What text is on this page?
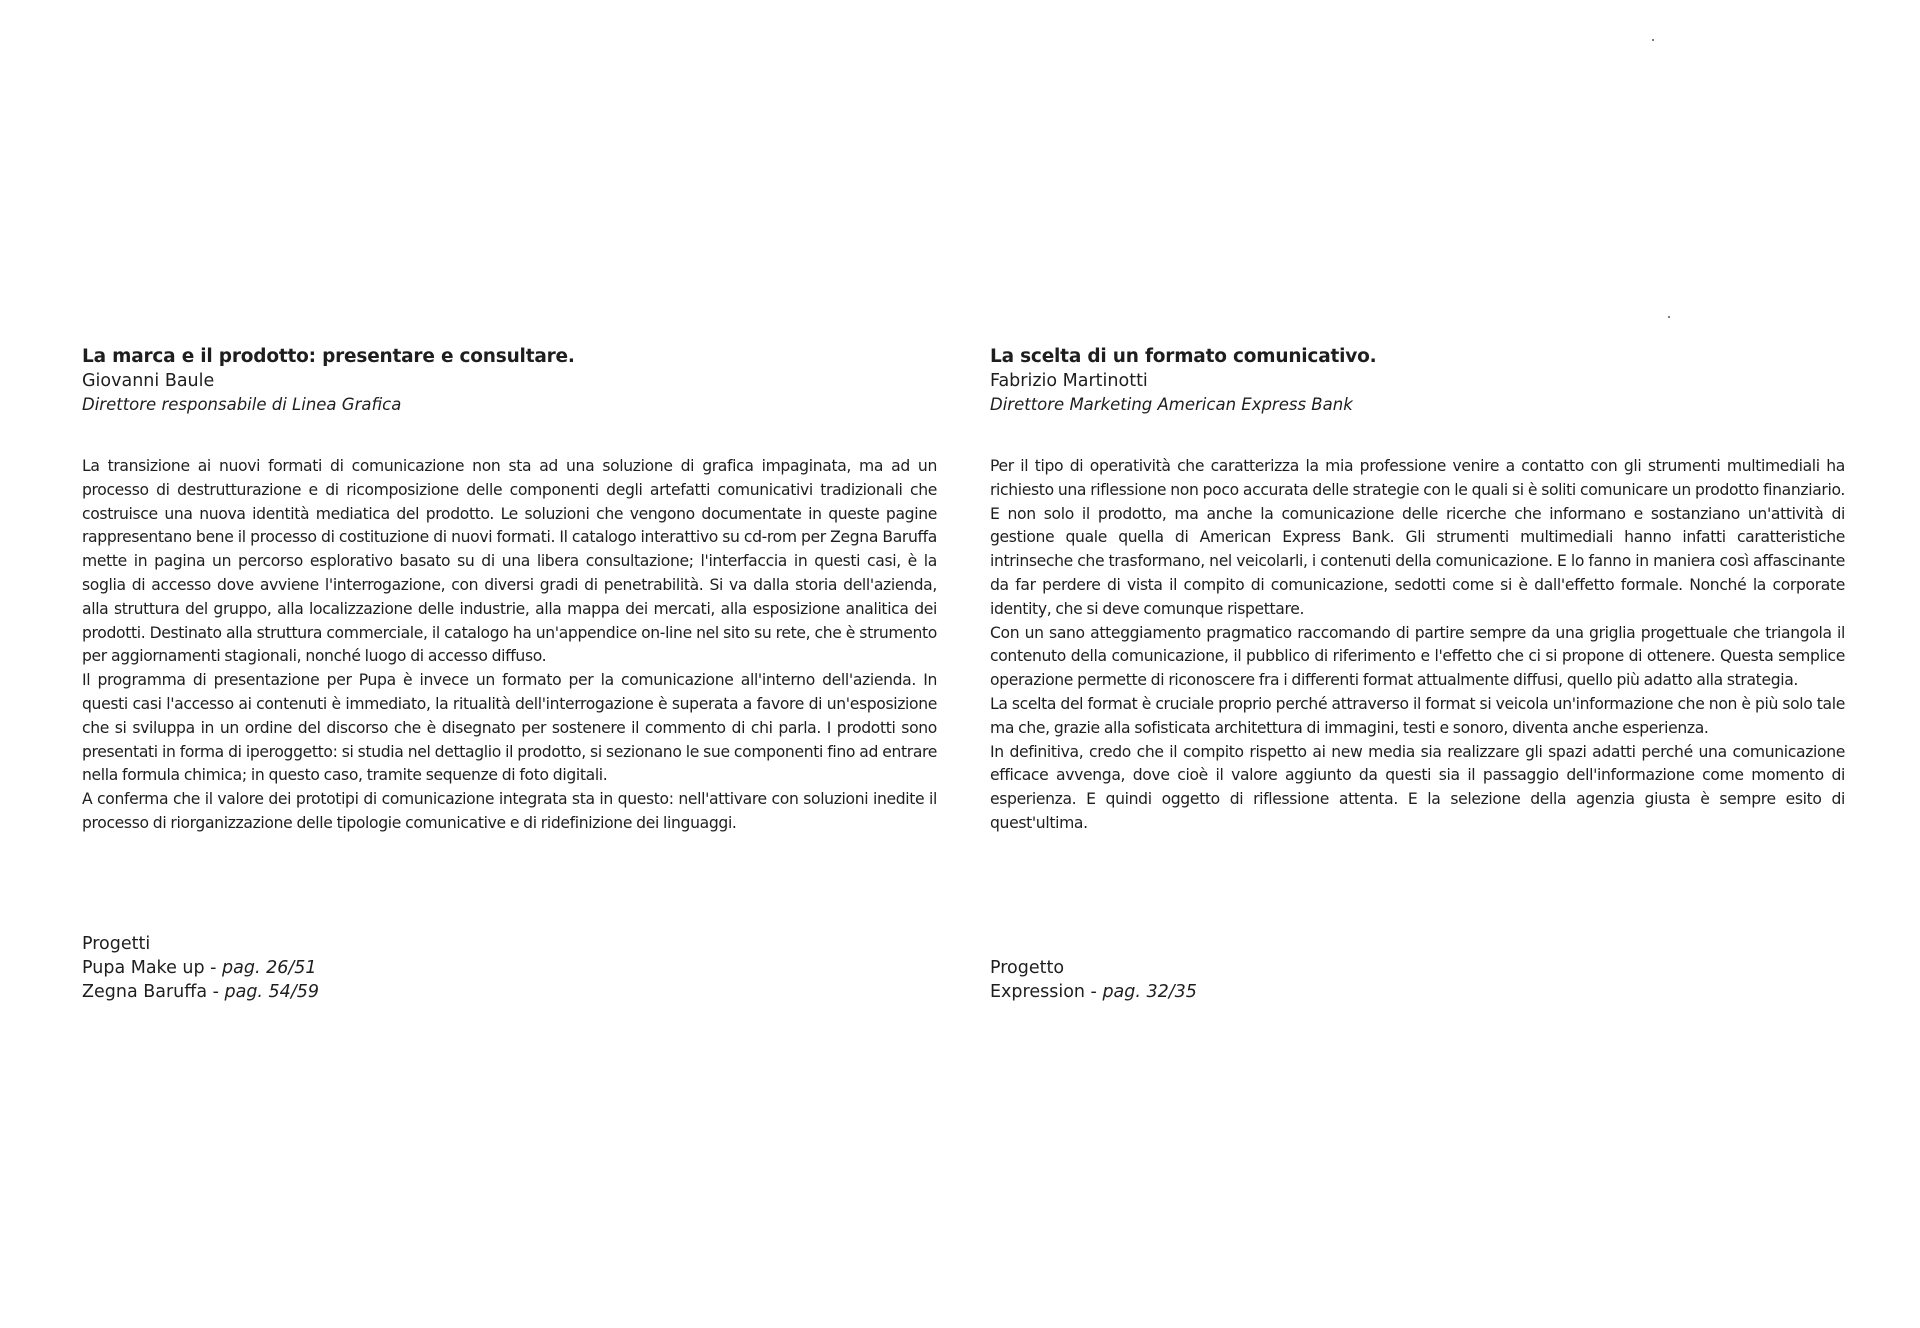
La marca e il prodotto: presentare e consultare.

Giovanni Baule

Direttore responsabile di Linea Grafica

La transizione ai nuovi formati di comunicazione non sta ad una soluzione di grafica impaginata, ma ad un processo di destrutturazione e di ricomposizione delle componenti degli artefatti comunicativi tradizionali che costruisce una nuova identità mediatica del prodotto. Le soluzioni che vengono documentate in queste pagine rappresentano bene il processo di costituzione di nuovi formati. Il catalogo interattivo su cd-rom per Zegna Baruffa mette in pagina un percorso esplorativo basato su di una libera consultazione; l'interfaccia in questi casi, è la soglia di accesso dove avviene l'interrogazione, con diversi gradi di penetrabilità. Si va dalla storia dell'azienda, alla struttura del gruppo, alla localizzazione delle industrie, alla mappa dei mercati, alla esposizione analitica dei prodotti. Destinato alla struttura commerciale, il catalogo ha un'appendice on-line nel sito su rete, che è strumento per aggiornamenti stagionali, nonché luogo di accesso diffuso.

Il programma di presentazione per Pupa è invece un formato per la comunicazione all'interno dell'azienda. In questi casi l'accesso ai contenuti è immediato, la ritualità dell'interrogazione è superata a favore di un'esposizione che si sviluppa in un ordine del discorso che è disegnato per sostenere il commento di chi parla. I prodotti sono presentati in forma di iperoggetto: si studia nel dettaglio il prodotto, si sezionano le sue componenti fino ad entrare nella formula chimica; in questo caso, tramite sequenze di foto digitali.

A conferma che il valore dei prototipi di comunicazione integrata sta in questo: nell'attivare con soluzioni inedite il processo di riorganizzazione delle tipologie comunicative e di ridefinizione dei linguaggi.

Progetti

Pupa Make up - pag. 26/51

Zegna Baruffa - pag. 54/59

La scelta di un formato comunicativo.

Fabrizio Martinotti

Direttore Marketing American Express Bank

Per il tipo di operatività che caratterizza la mia professione venire a contatto con gli strumenti multimediali ha richiesto una riflessione non poco accurata delle strategie con le quali si è soliti comunicare un prodotto finanziario. E non solo il prodotto, ma anche la comunicazione delle ricerche che informano e sostanziano un'attività di gestione quale quella di American Express Bank. Gli strumenti multimediali hanno infatti caratteristiche intrinseche che trasformano, nel veicolarli, i contenuti della comunicazione. E lo fanno in maniera così affascinante da far perdere di vista il compito di comunicazione, sedotti come si è dall'effetto formale. Nonché la corporate identity, che si deve comunque rispettare.

Con un sano atteggiamento pragmatico raccomando di partire sempre da una griglia progettuale che triangola il contenuto della comunicazione, il pubblico di riferimento e l'effetto che ci si propone di ottenere. Questa semplice operazione permette di riconoscere fra i differenti format attualmente diffusi, quello più adatto alla strategia.

La scelta del format è cruciale proprio perché attraverso il format si veicola un'informazione che non è più solo tale ma che, grazie alla sofisticata architettura di immagini, testi e sonoro, diventa anche esperienza.

In definitiva, credo che il compito rispetto ai new media sia realizzare gli spazi adatti perché una comunicazione efficace avvenga, dove cioè il valore aggiunto da questi sia il passaggio dell'informazione come momento di esperienza. E quindi oggetto di riflessione attenta. E la selezione della agenzia giusta è sempre esito di quest'ultima.

Progetto

Expression - pag. 32/35
